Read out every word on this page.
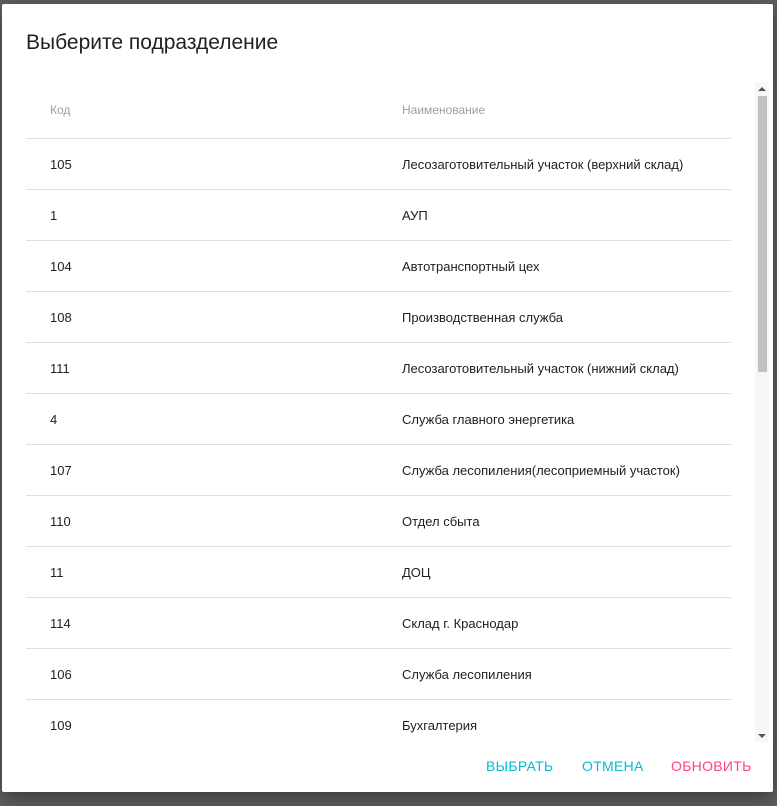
Выберите подразделение
Код	Наименование
105	Лесозаготовительный участок (верхний склад)
1	АУП
104	Автотранспортный цех
108	Производственная служба
111	Лесозаготовительный участок (нижний склад)
4	Служба главного энергетика
107	Служба лесопиления(лесоприемный участок)
110	Отдел сбыта
11	ДОЦ
114	Склад г. Краснодар
106	Служба лесопиления
109	Бухгалтерия
ВЫБРАТЬ	ОТМЕНА	ОБНОВИТЬ
